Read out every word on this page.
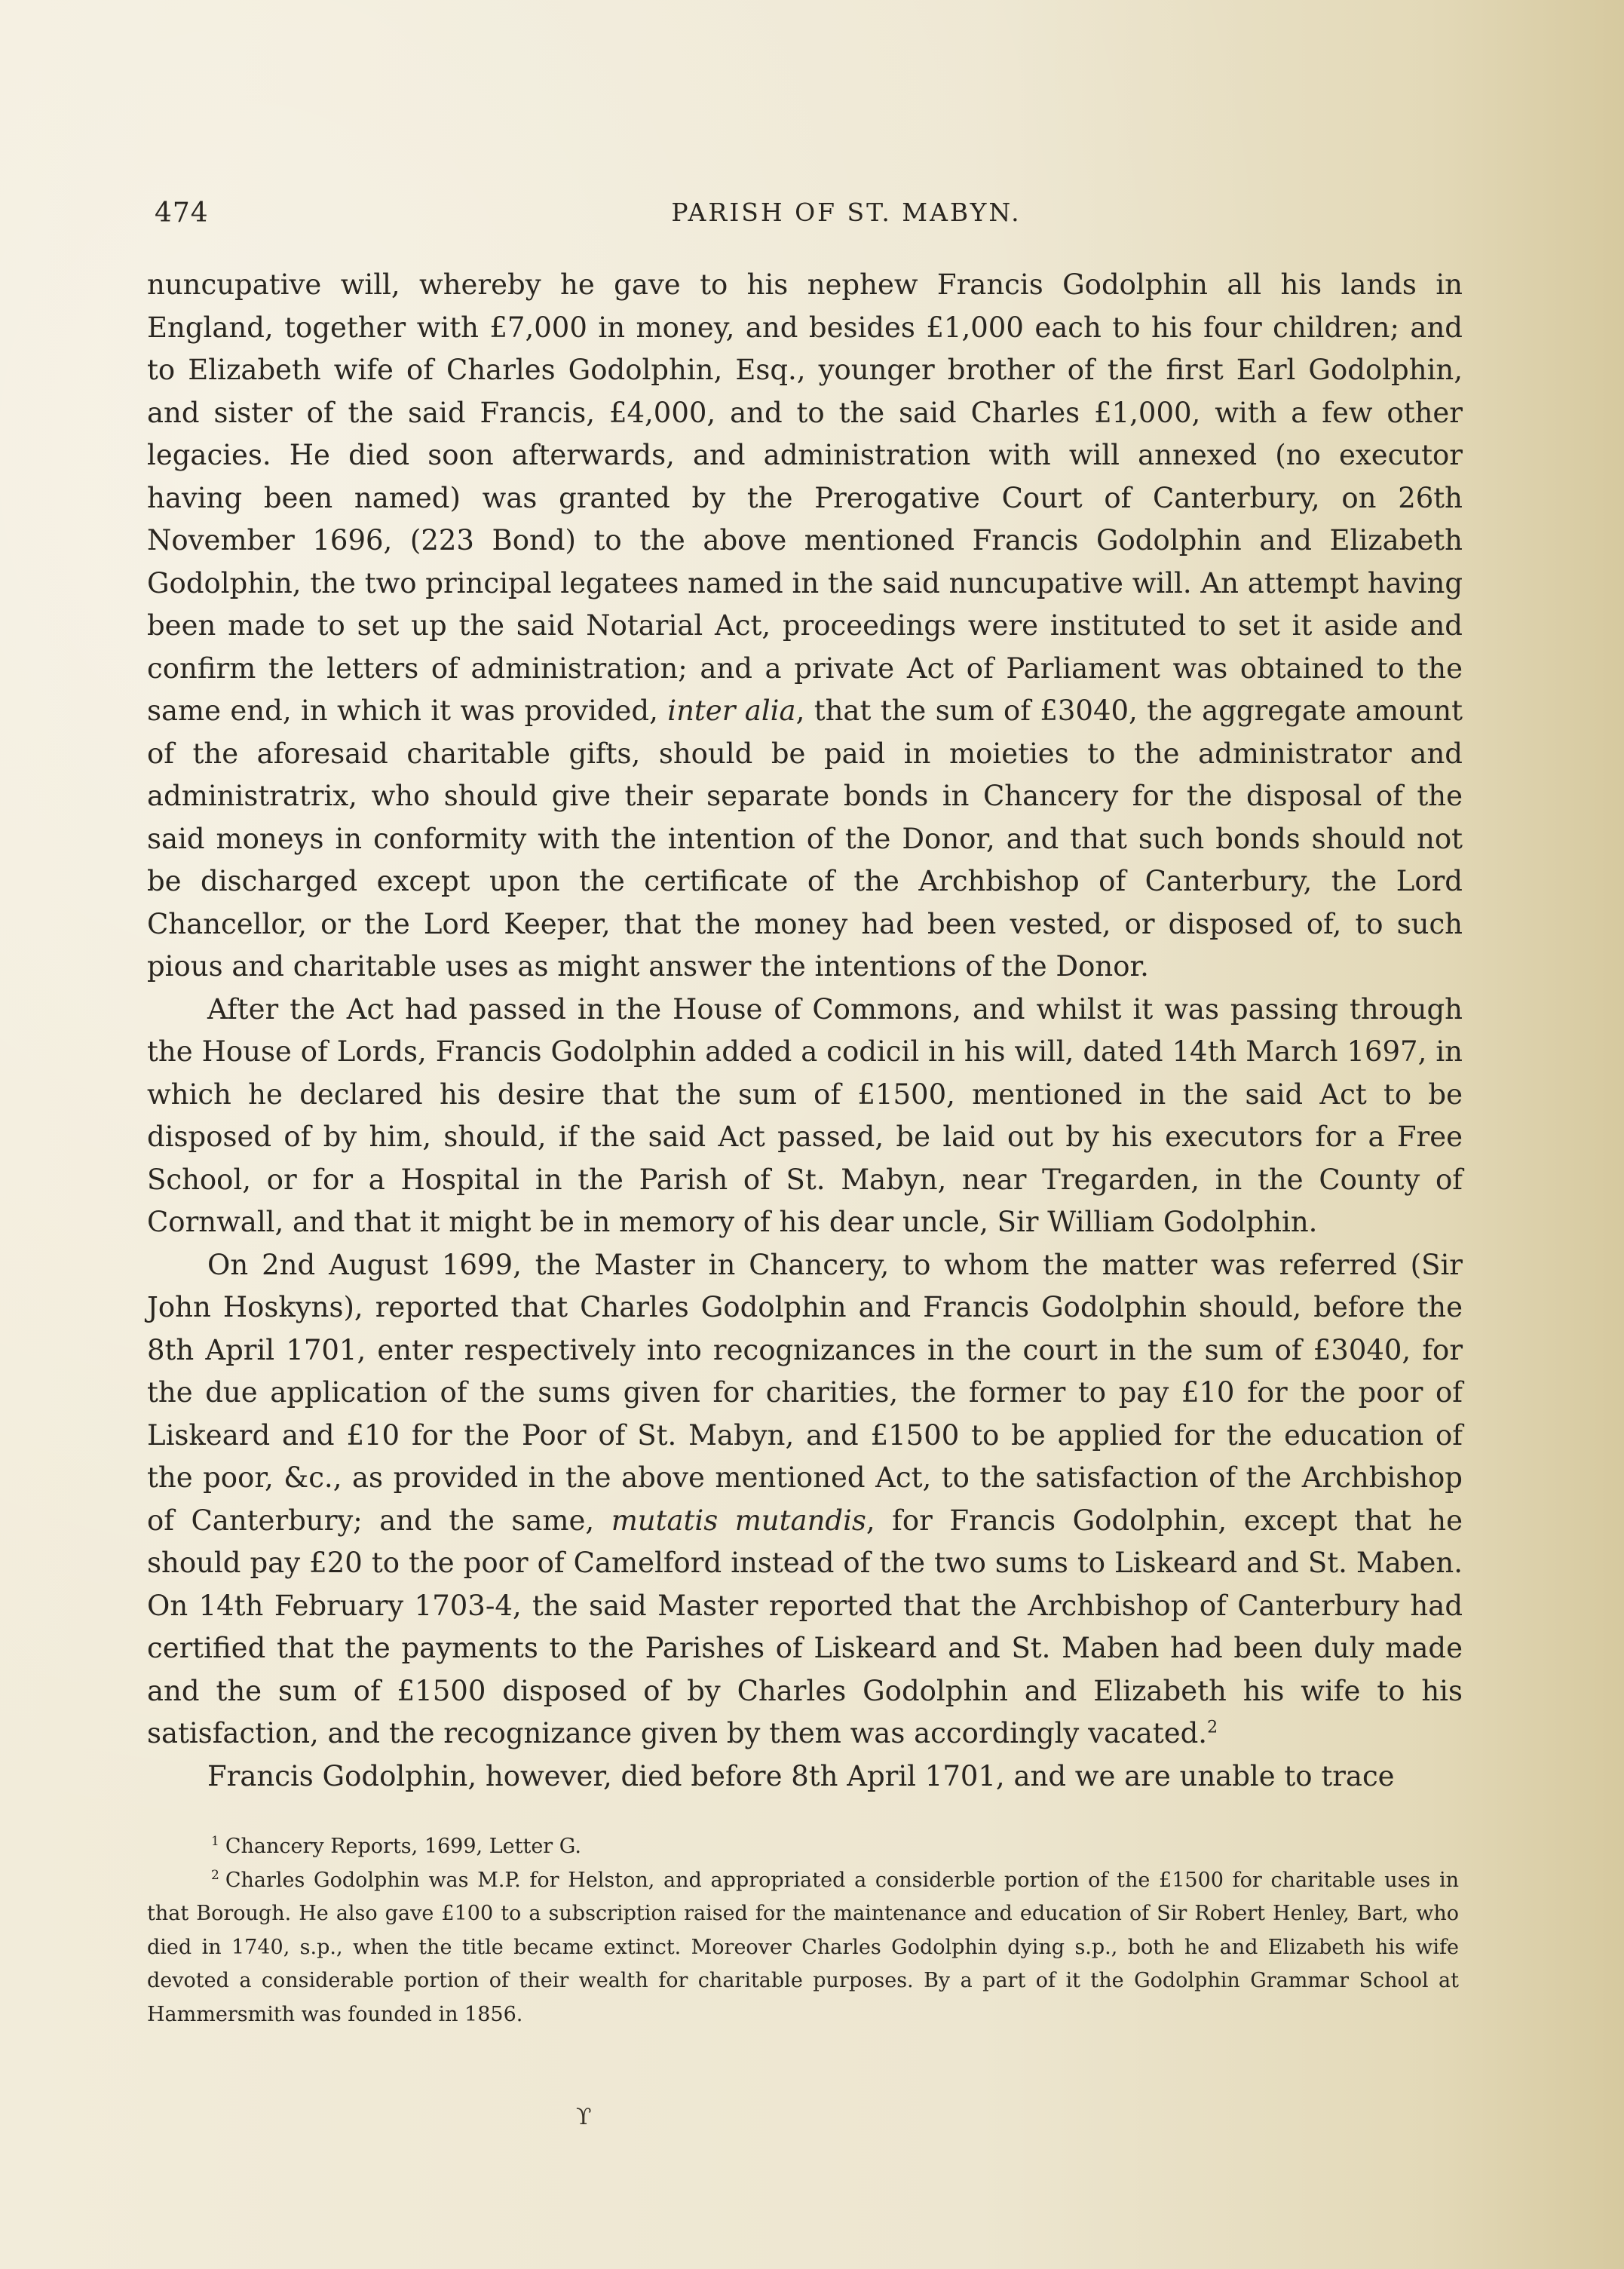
474	PARISH OF ST. MABYN.

nuncupative will, whereby he gave to his nephew Francis Godolphin all his lands in England, together with £7,000 in money, and besides £1,000 each to his four children; and to Elizabeth wife of Charles Godolphin, Esq., younger brother of the first Earl Godolphin, and sister of the said Francis, £4,000, and to the said Charles £1,000, with a few other legacies. He died soon afterwards, and administration with will annexed (no executor having been named) was granted by the Prerogative Court of Canterbury, on 26th November 1696, (223 Bond) to the above mentioned Francis Godolphin and Elizabeth Godolphin, the two principal legatees named in the said nuncupative will. An attempt having been made to set up the said Notarial Act, proceedings were instituted to set it aside and confirm the letters of administration; and a private Act of Parliament was obtained to the same end, in which it was provided, inter alia, that the sum of £3040, the aggregate amount of the aforesaid charitable gifts, should be paid in moieties to the administrator and administratrix, who should give their separate bonds in Chancery for the disposal of the said moneys in conformity with the intention of the Donor, and that such bonds should not be discharged except upon the certificate of the Archbishop of Canterbury, the Lord Chancellor, or the Lord Keeper, that the money had been vested, or disposed of, to such pious and charitable uses as might answer the intentions of the Donor.

After the Act had passed in the House of Commons, and whilst it was passing through the House of Lords, Francis Godolphin added a codicil in his will, dated 14th March 1697, in which he declared his desire that the sum of £1500, mentioned in the said Act to be disposed of by him, should, if the said Act passed, be laid out by his executors for a Free School, or for a Hospital in the Parish of St. Mabyn, near Tregarden, in the County of Cornwall, and that it might be in memory of his dear uncle, Sir William Godolphin.

On 2nd August 1699, the Master in Chancery, to whom the matter was referred (Sir John Hoskyns), reported that Charles Godolphin and Francis Godolphin should, before the 8th April 1701, enter respectively into recognizances in the court in the sum of £3040, for the due application of the sums given for charities, the former to pay £10 for the poor of Liskeard and £10 for the Poor of St. Mabyn, and £1500 to be applied for the education of the poor, &c., as provided in the above mentioned Act, to the satisfaction of the Archbishop of Canterbury; and the same, mutatis mutandis, for Francis Godolphin, except that he should pay £20 to the poor of Camelford instead of the two sums to Liskeard and St. Maben. On 14th February 1703-4, the said Master reported that the Archbishop of Canterbury had certified that the payments to the Parishes of Liskeard and St. Maben had been duly made and the sum of £1500 disposed of by Charles Godolphin and Elizabeth his wife to his satisfaction, and the recognizance given by them was accordingly vacated.$^2$

Francis Godolphin, however, died before 8th April 1701, and we are unable to trace

$^1$ Chancery Reports, 1699, Letter G.

$^2$ Charles Godolphin was M.P. for Helston, and appropriated a considerble portion of the £1500 for charitable uses in that Borough. He also gave £100 to a subscription raised for the maintenance and education of Sir Robert Henley, Bart, who died in 1740, s.p., when the title became extinct. Moreover Charles Godolphin dying s.p., both he and Elizabeth his wife devoted a considerable portion of their wealth for charitable purposes. By a part of it the Godolphin Grammar School at Hammersmith was founded in 1856.

ϒ
